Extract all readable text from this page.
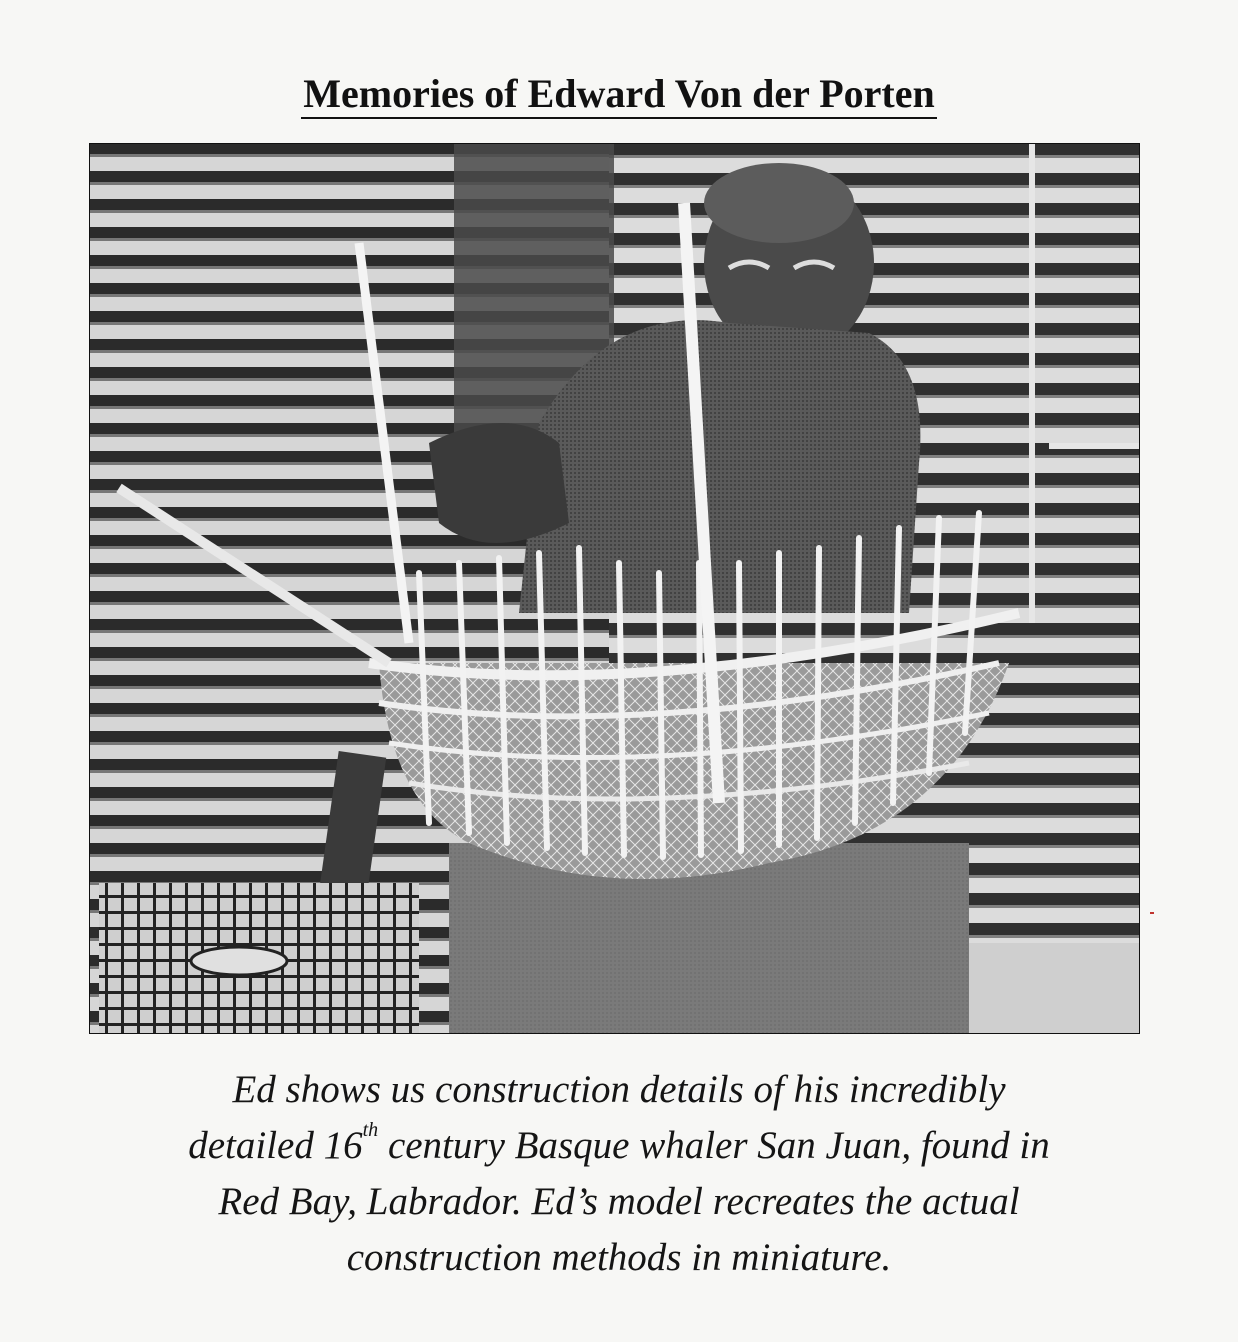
Memories of Edward Von der Porten
Ed shows us construction details of his incredibly
detailed 16th century Basque whaler San Juan, found in
Red Bay, Labrador. Ed’s model recreates the actual
construction methods in miniature.
